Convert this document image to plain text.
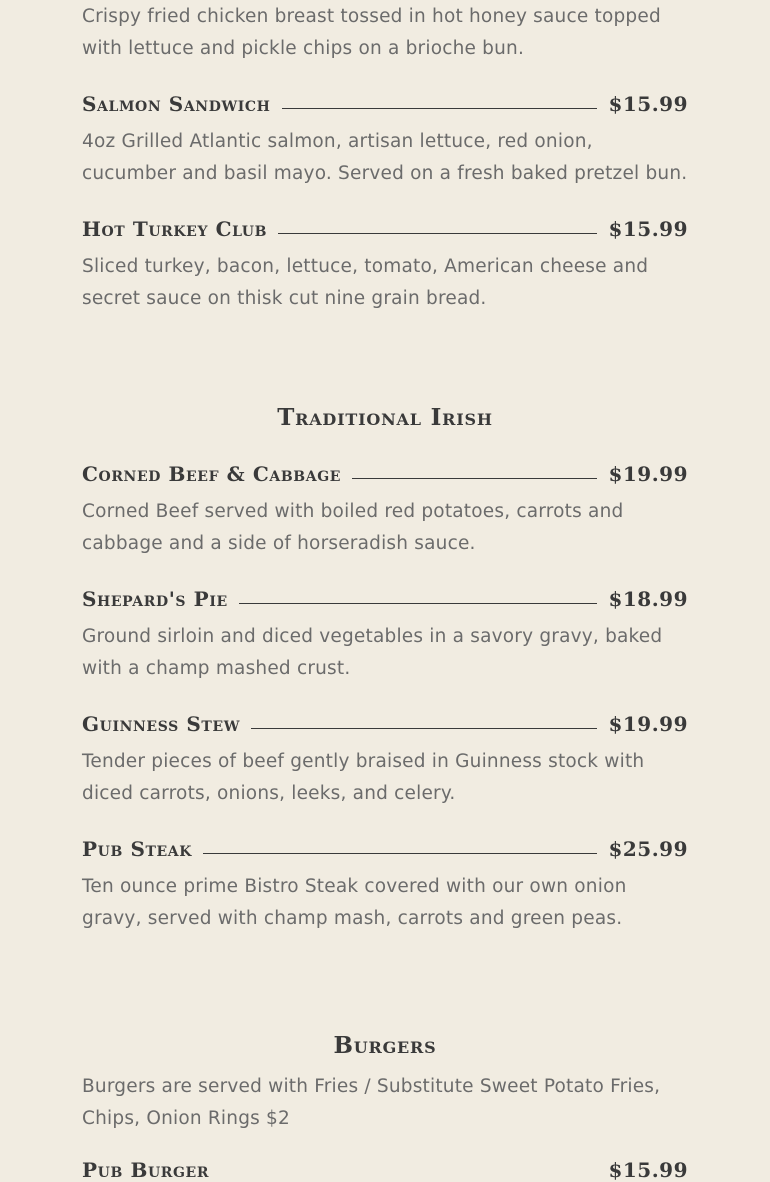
Crispy fried chicken breast tossed in hot honey sauce topped with lettuce and pickle chips on a brioche bun.
Salmon Sandwich	$15.99
4oz Grilled Atlantic salmon, artisan lettuce, red onion, cucumber and basil mayo. Served on a fresh baked pretzel bun.
Hot Turkey Club	$15.99
Sliced turkey, bacon, lettuce, tomato, American cheese and secret sauce on thisk cut nine grain bread.
Traditional Irish
Corned Beef & Cabbage	$19.99
Corned Beef served with boiled red potatoes, carrots and cabbage and a side of horseradish sauce.
Shepard's Pie	$18.99
Ground sirloin and diced vegetables in a savory gravy, baked with a champ mashed crust.
Guinness Stew	$19.99
Tender pieces of beef gently braised in Guinness stock with diced carrots, onions, leeks, and celery.
Pub Steak	$25.99
Ten ounce prime Bistro Steak covered with our own onion gravy, served with champ mash, carrots and green peas.
Burgers
Burgers are served with Fries / Substitute Sweet Potato Fries, Chips, Onion Rings $2
Pub Burger	$15.99
